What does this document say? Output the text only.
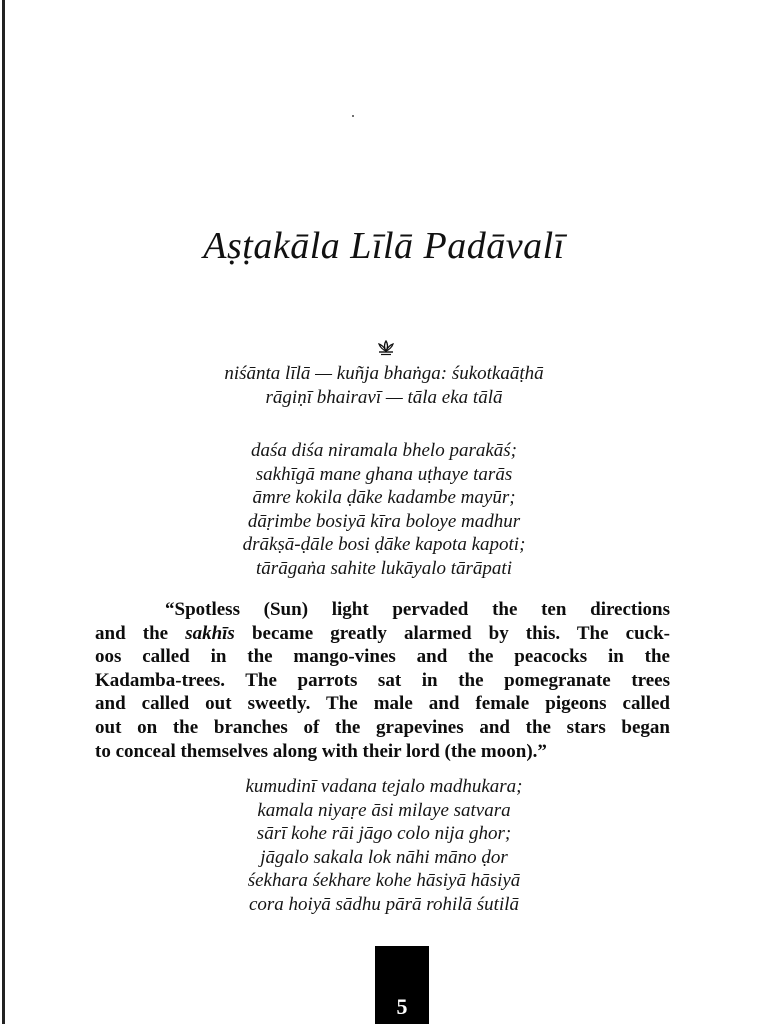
Aṣṭakāla Līlā Padāvalī
niśānta līlā — kuñja bhaṅga: śukotkaāṭhā
rāgiṇī bhairavī — tāla eka tālā
daśa diśa niramala bhelo parakāś;
sakhīgā mane ghana uṭhaye tarās
āmre kokila ḍāke kadambe mayūr;
dāṛimbe bosiyā kīra boloye madhur
drākṣā-ḍāle bosi ḍāke kapota kapoti;
tārāgaṅa sahite lukāyalo tārāpati
“Spotless (Sun) light pervaded the ten directions
and the sakhīs became greatly alarmed by this. The cuck-
oos called in the mango-vines and the peacocks in the
Kadamba-trees. The parrots sat in the pomegranate trees
and called out sweetly. The male and female pigeons called
out on the branches of the grapevines and the stars began
to conceal themselves along with their lord (the moon).”
kumudinī vadana tejalo madhukara;
kamala niyaṛe āsi milaye satvara
sārī kohe rāi jāgo colo nija ghor;
jāgalo sakala lok nāhi māno ḍor
śekhara śekhare kohe hāsiyā hāsiyā
cora hoiyā sādhu pārā rohilā śutilā
5
